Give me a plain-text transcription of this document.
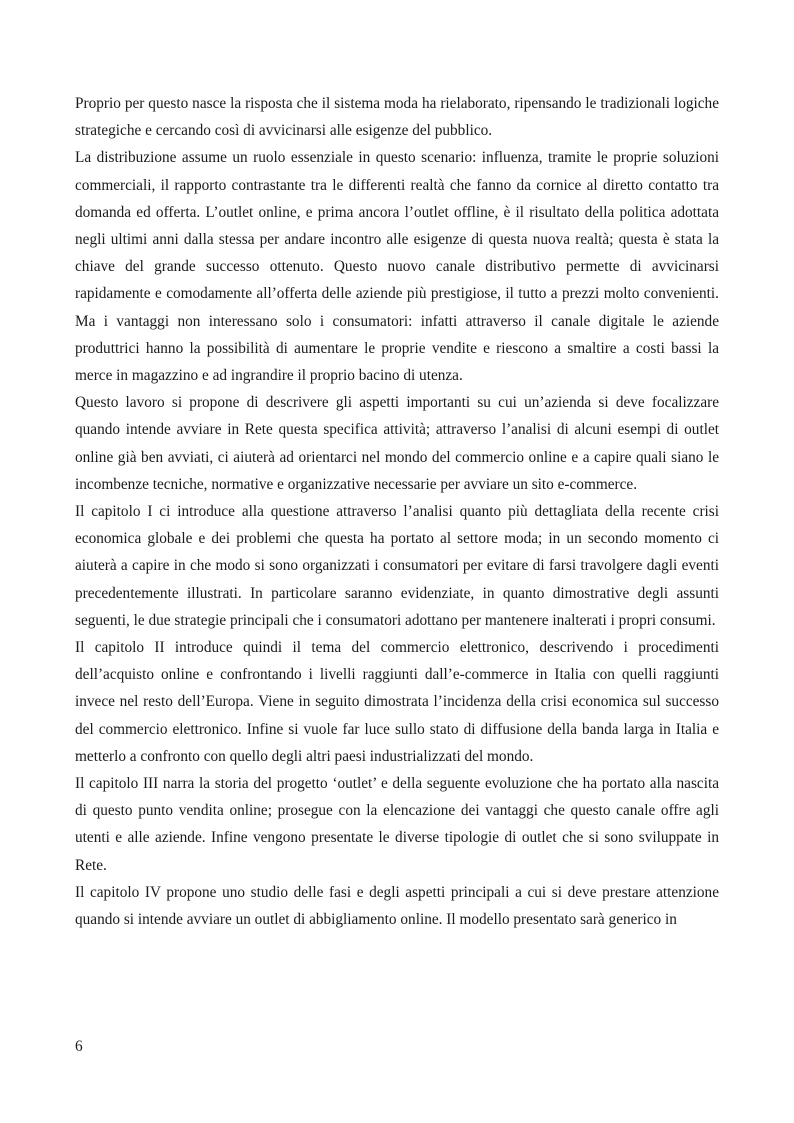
Proprio per questo nasce la risposta che il sistema moda ha rielaborato, ripensando le tradizionali logiche strategiche e cercando così di avvicinarsi alle esigenze del pubblico.

La distribuzione assume un ruolo essenziale in questo scenario: influenza, tramite le proprie soluzioni commerciali, il rapporto contrastante tra le differenti realtà che fanno da cornice al diretto contatto tra domanda ed offerta. L’outlet online, e prima ancora l’outlet offline, è il risultato della politica adottata negli ultimi anni dalla stessa per andare incontro alle esigenze di questa nuova realtà; questa è stata la chiave del grande successo ottenuto. Questo nuovo canale distributivo permette di avvicinarsi rapidamente e comodamente all’offerta delle aziende più prestigiose, il tutto a prezzi molto convenienti. Ma i vantaggi non interessano solo i consumatori: infatti attraverso il canale digitale le aziende produttrici hanno la possibilità di aumentare le proprie vendite e riescono a smaltire a costi bassi la merce in magazzino e ad ingrandire il proprio bacino di utenza.

Questo lavoro si propone di descrivere gli aspetti importanti su cui un’azienda si deve focalizzare quando intende avviare in Rete questa specifica attività; attraverso l’analisi di alcuni esempi di outlet online già ben avviati, ci aiuterà ad orientarci nel mondo del commercio online e a capire quali siano le incombenze tecniche, normative e organizzative necessarie per avviare un sito e-commerce.

Il capitolo I ci introduce alla questione attraverso l’analisi quanto più dettagliata della recente crisi economica globale e dei problemi che questa ha portato al settore moda; in un secondo momento ci aiuterà a capire in che modo si sono organizzati i consumatori per evitare di farsi travolgere dagli eventi precedentemente illustrati. In particolare saranno evidenziate, in quanto dimostrative degli assunti seguenti, le due strategie principali che i consumatori adottano per mantenere inalterati i propri consumi.

Il capitolo II introduce quindi il tema del commercio elettronico, descrivendo i procedimenti dell’acquisto online e confrontando i livelli raggiunti dall’e-commerce in Italia con quelli raggiunti invece nel resto dell’Europa. Viene in seguito dimostrata l’incidenza della crisi economica sul successo del commercio elettronico. Infine si vuole far luce sullo stato di diffusione della banda larga in Italia e metterlo a confronto con quello degli altri paesi industrializzati del mondo.

Il capitolo III narra la storia del progetto ‘outlet’ e della seguente evoluzione che ha portato alla nascita di questo punto vendita online; prosegue con la elencazione dei vantaggi che questo canale offre agli utenti e alle aziende. Infine vengono presentate le diverse tipologie di outlet che si sono sviluppate in Rete.

Il capitolo IV propone uno studio delle fasi e degli aspetti principali a cui si deve prestare attenzione quando si intende avviare un outlet di abbigliamento online. Il modello presentato sarà generico in

6
